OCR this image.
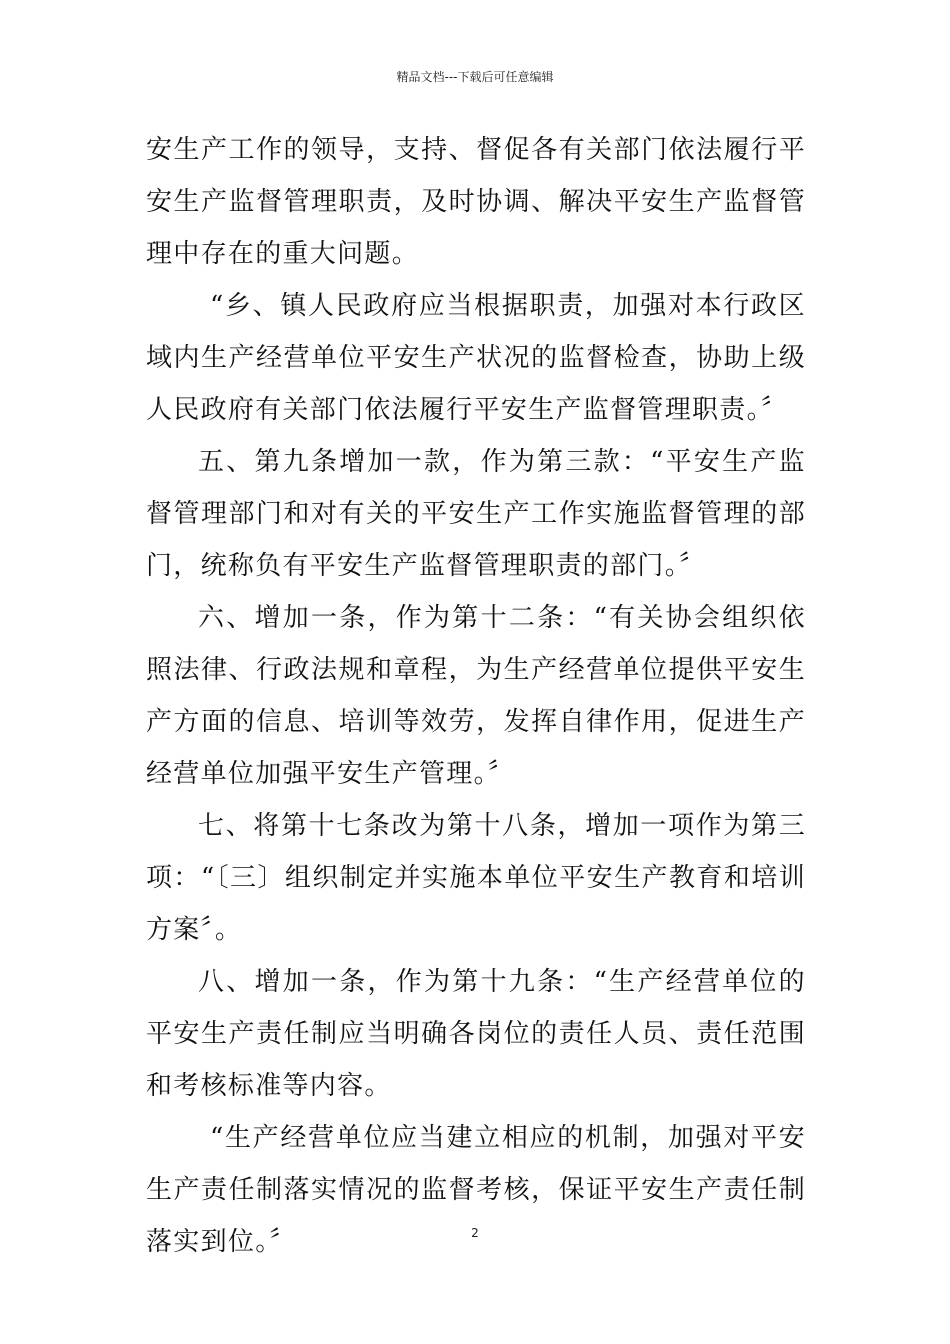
精品文档---下载后可任意编辑

安生产工作的领导，支持、督促各有关部门依法履行平安生产监督管理职责，及时协调、解决平安生产监督管理中存在的重大问题。

“乡、镇人民政府应当根据职责，加强对本行政区域内生产经营单位平安生产状况的监督检查，协助上级人民政府有关部门依法履行平安生产监督管理职责。〞

五、第九条增加一款，作为第三款：“平安生产监督管理部门和对有关的平安生产工作实施监督管理的部门，统称负有平安生产监督管理职责的部门。〞

六、增加一条，作为第十二条：“有关协会组织依照法律、行政法规和章程，为生产经营单位提供平安生产方面的信息、培训等效劳，发挥自律作用，促进生产经营单位加强平安生产管理。〞

七、将第十七条改为第十八条，增加一项作为第三项：“〔三〕组织制定并实施本单位平安生产教育和培训方案〞。

八、增加一条，作为第十九条：“生产经营单位的平安生产责任制应当明确各岗位的责任人员、责任范围和考核标准等内容。

“生产经营单位应当建立相应的机制，加强对平安生产责任制落实情况的监督考核，保证平安生产责任制落实到位。〞	2
